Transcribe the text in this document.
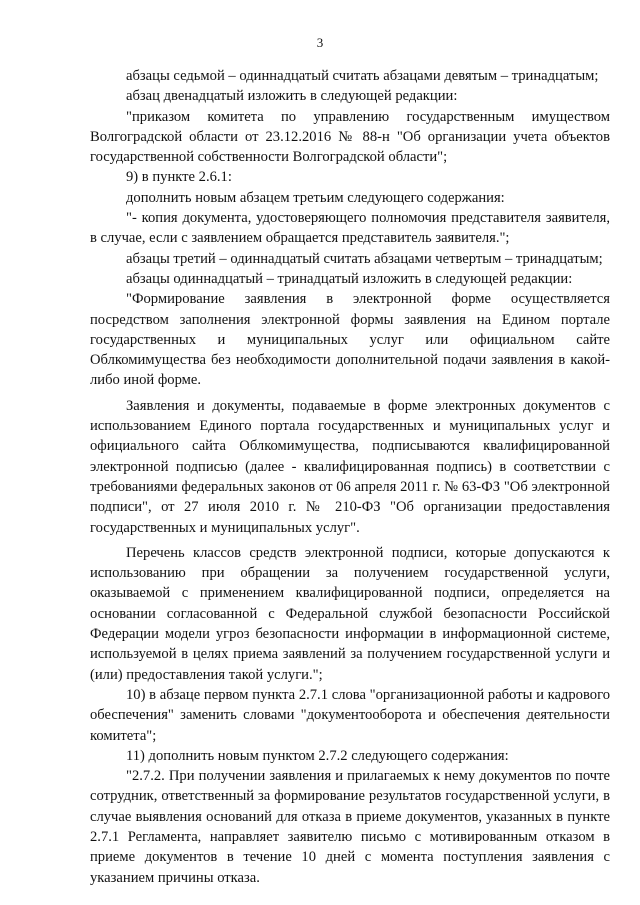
3

абзацы седьмой – одиннадцатый считать абзацами девятым – тринадцатым;

абзац двенадцатый изложить в следующей редакции:

"приказом комитета по управлению государственным имуществом Волгоградской области от 23.12.2016 № 88-н "Об организации учета объектов государственной собственности Волгоградской области";

9) в пункте 2.6.1:

дополнить новым абзацем третьим следующего содержания:

"- копия документа, удостоверяющего полномочия представителя заявителя, в случае, если с заявлением обращается представитель заявителя.";

абзацы третий – одиннадцатый считать абзацами четвертым – тринадцатым;

абзацы одиннадцатый – тринадцатый изложить в следующей редакции:

"Формирование заявления в электронной форме осуществляется посредством заполнения электронной формы заявления на Едином портале государственных и муниципальных услуг или официальном сайте Облкомимущества без необходимости дополнительной подачи заявления в какой-либо иной форме.

Заявления и документы, подаваемые в форме электронных документов с использованием Единого портала государственных и муниципальных услуг и официального сайта Облкомимущества, подписываются квалифицированной электронной подписью (далее - квалифицированная подпись) в соответствии с требованиями федеральных законов от 06 апреля 2011 г. № 63-ФЗ "Об электронной подписи", от 27 июля 2010 г. № 210-ФЗ "Об организации предоставления государственных и муниципальных услуг".

Перечень классов средств электронной подписи, которые допускаются к использованию при обращении за получением государственной услуги, оказываемой с применением квалифицированной подписи, определяется на основании согласованной с Федеральной службой безопасности Российской Федерации модели угроз безопасности информации в информационной системе, используемой в целях приема заявлений за получением государственной услуги и (или) предоставления такой услуги.";

10) в абзаце первом пункта 2.7.1 слова "организационной работы и кадрового обеспечения" заменить словами "документооборота и обеспечения деятельности комитета";

11) дополнить новым пунктом 2.7.2 следующего содержания:

"2.7.2. При получении заявления и прилагаемых к нему документов по почте сотрудник, ответственный за формирование результатов государственной услуги, в случае выявления оснований для отказа в приеме документов, указанных в пункте 2.7.1 Регламента, направляет заявителю письмо с мотивированным отказом в приеме документов в течение 10 дней с момента поступления заявления с указанием причины отказа.
